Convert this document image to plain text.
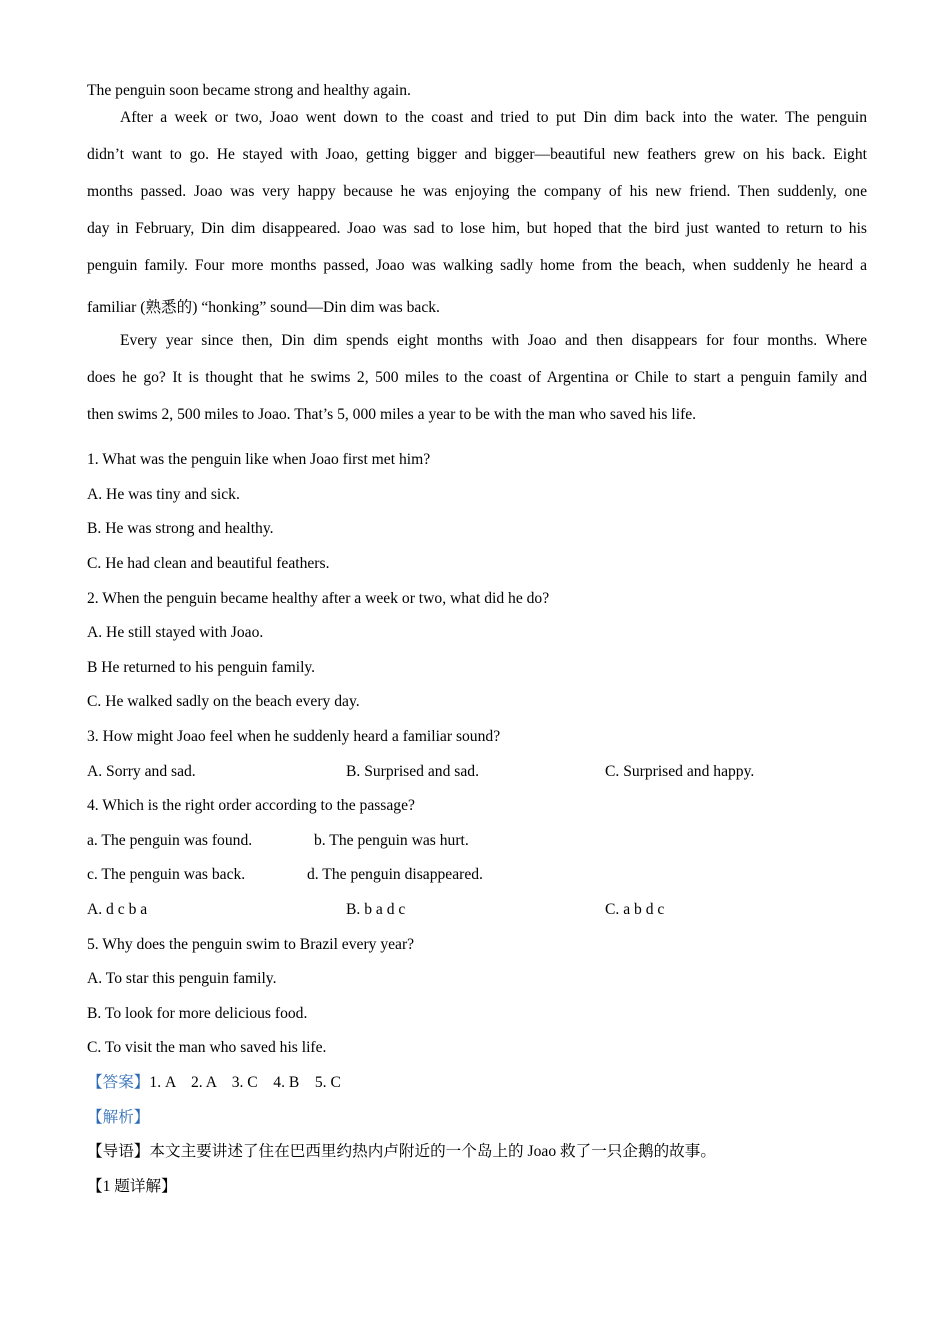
The penguin soon became strong and healthy again.
After a week or two, Joao went down to the coast and tried to put Din dim back into the water. The penguin
didn’t want to go. He stayed with Joao, getting bigger and bigger—beautiful new feathers grew on his back. Eight
months passed. Joao was very happy because he was enjoying the company of his new friend. Then suddenly, one
day in February, Din dim disappeared. Joao was sad to lose him, but hoped that the bird just wanted to return to his
penguin family. Four more months passed, Joao was walking sadly home from the beach, when suddenly he heard a
familiar (熟悉的) “honking” sound—Din dim was back.
Every year since then, Din dim spends eight months with Joao and then disappears for four months. Where
does he go? It is thought that he swims 2, 500 miles to the coast of Argentina or Chile to start a penguin family and
then swims 2, 500 miles to Joao. That’s 5, 000 miles a year to be with the man who saved his life.
1. What was the penguin like when Joao first met him?
A. He was tiny and sick.
B. He was strong and healthy.
C. He had clean and beautiful feathers.
2. When the penguin became healthy after a week or two, what did he do?
A. He still stayed with Joao.
B He returned to his penguin family.
C. He walked sadly on the beach every day.
3. How might Joao feel when he suddenly heard a familiar sound?
A. Sorry and sad.	B. Surprised and sad.	C. Surprised and happy.
4. Which is the right order according to the passage?
a. The penguin was found.	b. The penguin was hurt.
c. The penguin was back.	d. The penguin disappeared.
A. d c b a	B. b a d c	C. a b d c
5. Why does the penguin swim to Brazil every year?
A. To star this penguin family.
B. To look for more delicious food.
C. To visit the man who saved his life.
【答案】1. A    2. A    3. C    4. B    5. C
【解析】
【导语】本文主要讲述了住在巴西里约热内卢附近的一个岛上的 Joao 救了一只企鹅的故事。
【1 题详解】
